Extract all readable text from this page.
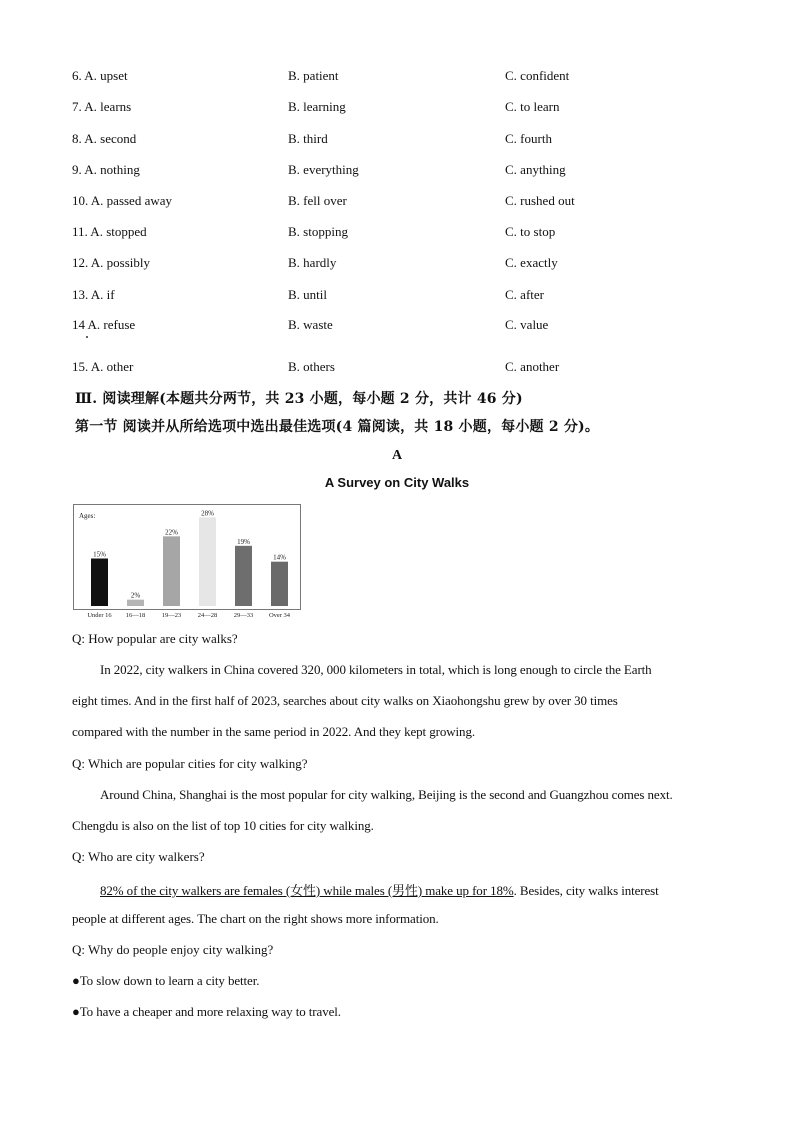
6. A. upset	B. patient	C. confident
7. A. learns	B. learning	C. to learn
8. A. second	B. third	C. fourth
9. A. nothing	B. everything	C. anything
10. A. passed away	B. fell over	C. rushed out
11. A. stopped	B. stopping	C. to stop
12. A. possibly	B. hardly	C. exactly
13. A. if	B. until	C. after
14 A. refuse	B. waste	C. value
15. A. other	B. others	C. another
Ⅲ. 阅读理解(本题共分两节，共 23 小题，每小题 2 分，共计 46 分)
第一节 阅读并从所给选项中选出最佳选项(4 篇阅读，共 18 小题，每小题 2 分)。
A
A Survey on City Walks
Ages:
15%
Under 16
2%
16—18
22%
19—23
28%
24—28
19%
29—33
14%
Over 34
Q: How popular are city walks?
In 2022, city walkers in China covered 320, 000 kilometers in total, which is long enough to circle the Earth
eight times. And in the first half of 2023, searches about city walks on Xiaohongshu grew by over 30 times
compared with the number in the same period in 2022. And they kept growing.
Q: Which are popular cities for city walking?
Around China, Shanghai is the most popular for city walking, Beijing is the second and Guangzhou comes next.
Chengdu is also on the list of top 10 cities for city walking.
Q: Who are city walkers?
82% of the city walkers are females (女性) while males (男性) make up for 18%. Besides, city walks interest
people at different ages. The chart on the right shows more information.
Q: Why do people enjoy city walking?
●To slow down to learn a city better.
●To have a cheaper and more relaxing way to travel.
